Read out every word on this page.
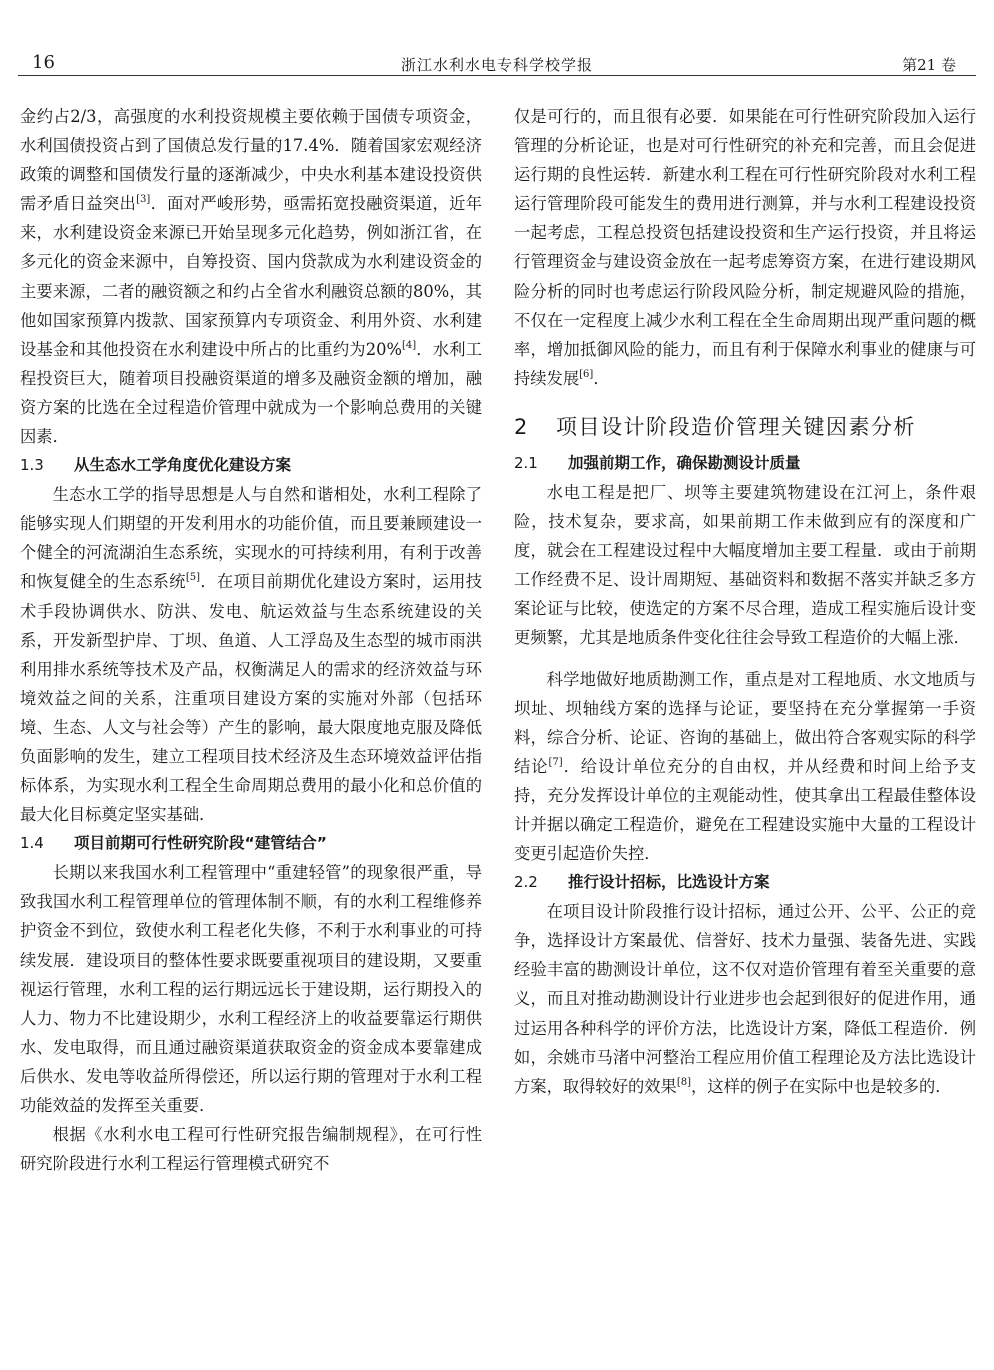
16	浙江水利水电专科学校学报	第21 卷

金约占2/3，高强度的水利投资规模主要依赖于国债专项资金，水利国债投资占到了国债总发行量的17.4%．随着国家宏观经济政策的调整和国债发行量的逐渐减少，中央水利基本建设投资供需矛盾日益突出[3]．面对严峻形势，亟需拓宽投融资渠道，近年来，水利建设资金来源已开始呈现多元化趋势，例如浙江省，在多元化的资金来源中，自筹投资、国内贷款成为水利建设资金的主要来源，二者的融资额之和约占全省水利融资总额的80%，其他如国家预算内拨款、国家预算内专项资金、利用外资、水利建设基金和其他投资在水利建设中所占的比重约为20%[4]．水利工程投资巨大，随着项目投融资渠道的增多及融资金额的增加，融资方案的比选在全过程造价管理中就成为一个影响总费用的关键因素．

1.3 从生态水工学角度优化建设方案

生态水工学的指导思想是人与自然和谐相处，水利工程除了能够实现人们期望的开发利用水的功能价值，而且要兼顾建设一个健全的河流湖泊生态系统，实现水的可持续利用，有利于改善和恢复健全的生态系统[5]．在项目前期优化建设方案时，运用技术手段协调供水、防洪、发电、航运效益与生态系统建设的关系，开发新型护岸、丁坝、鱼道、人工浮岛及生态型的城市雨洪利用排水系统等技术及产品，权衡满足人的需求的经济效益与环境效益之间的关系，注重项目建设方案的实施对外部（包括环境、生态、人文与社会等）产生的影响，最大限度地克服及降低负面影响的发生，建立工程项目技术经济及生态环境效益评估指标体系，为实现水利工程全生命周期总费用的最小化和总价值的最大化目标奠定坚实基础．

1.4 项目前期可行性研究阶段“建管结合”

长期以来我国水利工程管理中“重建轻管”的现象很严重，导致我国水利工程管理单位的管理体制不顺，有的水利工程维修养护资金不到位，致使水利工程老化失修，不利于水利事业的可持续发展．建设项目的整体性要求既要重视项目的建设期，又要重视运行管理，水利工程的运行期远远长于建设期，运行期投入的人力、物力不比建设期少，水利工程经济上的收益要靠运行期供水、发电取得，而且通过融资渠道获取资金的资金成本要靠建成后供水、发电等收益所得偿还，所以运行期的管理对于水利工程功能效益的发挥至关重要．

根据《水利水电工程可行性研究报告编制规程》，在可行性研究阶段进行水利工程运行管理模式研究不

仅是可行的，而且很有必要．如果能在可行性研究阶段加入运行管理的分析论证，也是对可行性研究的补充和完善，而且会促进运行期的良性运转．新建水利工程在可行性研究阶段对水利工程运行管理阶段可能发生的费用进行测算，并与水利工程建设投资一起考虑，工程总投资包括建设投资和生产运行投资，并且将运行管理资金与建设资金放在一起考虑筹资方案，在进行建设期风险分析的同时也考虑运行阶段风险分析，制定规避风险的措施，不仅在一定程度上减少水利工程在全生命周期出现严重问题的概率，增加抵御风险的能力，而且有利于保障水利事业的健康与可持续发展[6]．

2 项目设计阶段造价管理关键因素分析
2.1 加强前期工作，确保勘测设计质量

水电工程是把厂、坝等主要建筑物建设在江河上，条件艰险，技术复杂，要求高，如果前期工作未做到应有的深度和广度，就会在工程建设过程中大幅度增加主要工程量．或由于前期工作经费不足、设计周期短、基础资料和数据不落实并缺乏多方案论证与比较，使选定的方案不尽合理，造成工程实施后设计变更频繁，尤其是地质条件变化往往会导致工程造价的大幅上涨．

科学地做好地质勘测工作，重点是对工程地质、水文地质与坝址、坝轴线方案的选择与论证，要坚持在充分掌握第一手资料，综合分析、论证、咨询的基础上，做出符合客观实际的科学结论[7]．给设计单位充分的自由权，并从经费和时间上给予支持，充分发挥设计单位的主观能动性，使其拿出工程最佳整体设计并据以确定工程造价，避免在工程建设实施中大量的工程设计变更引起造价失控．

2.2 推行设计招标，比选设计方案

在项目设计阶段推行设计招标，通过公开、公平、公正的竞争，选择设计方案最优、信誉好、技术力量强、装备先进、实践经验丰富的勘测设计单位，这不仅对造价管理有着至关重要的意义，而且对推动勘测设计行业进步也会起到很好的促进作用，通过运用各种科学的评价方法，比选设计方案，降低工程造价．例如，余姚市马渚中河整治工程应用价值工程理论及方法比选设计方案，取得较好的效果[8]，这样的例子在实际中也是较多的．
